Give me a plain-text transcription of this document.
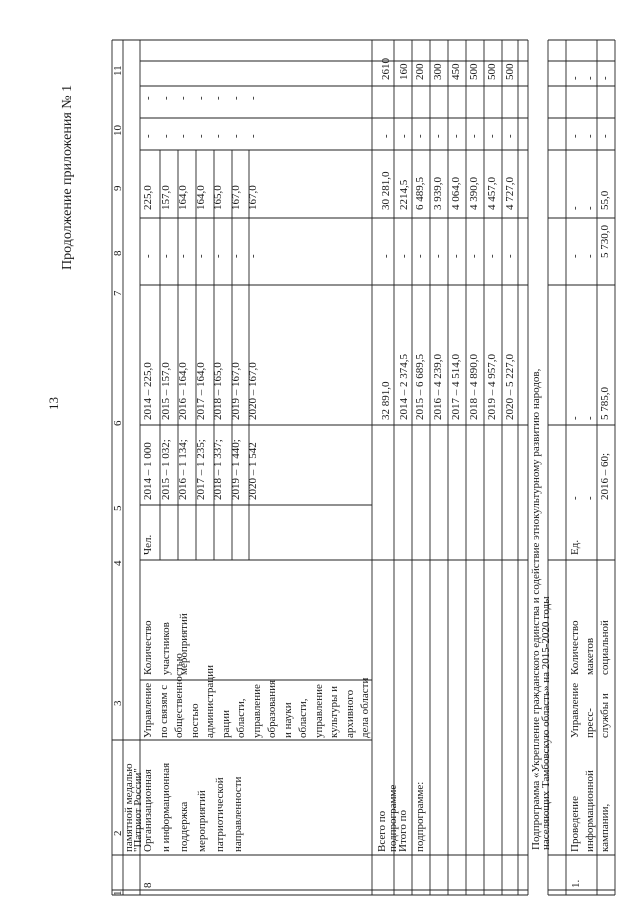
13
Продолжение приложения № 1
1
2
3
4
5
6
7
8
9
10
11
памятной медалью
"Патриот России"
8
Организационная и информационная поддержка мероприятий патриотической направленности
Управление по связям с общественностью ностью администрации рации области, управление образования и науки области, управление культуры и архивного дела области
Количество участников мероприятий
Чел.
2014 – 1 000 2015 – 1 032; 2016 – 1 134; 2017 – 1 235; 2018 – 1 337; 2019 – 1 440; 2020 – 1 542
2014 – 225,0 2015 – 157,0 2016 – 164,0 2017 – 164,0 2018 – 165,0 2019 – 167,0 2020 – 167,0
- - - - - - -
225,0 157,0 164,0 164,0 165,0 167,0 167,0
- - - - - - -
- - - - - - -
Всего по подпрограмме
32 891,0
-
30 281,0
-
2610
Итого по
2014 – 2 374,5
-
2214,5
-
160
подпрограмме:
2015 – 6 689,5 2016 – 4 239,0 2017 – 4 514,0 2018 – 4 890,0 2019 – 4 957,0 2020 – 5 227,0
- - - - - -
6 489,5 3 939,0 4 064,0 4 390,0 4 457,0 4 727,0
- - - - - -
200 300 450 500 500 500
Подпрограмма «Укрепление гражданского единства и содействие этнокультурному развитию народов,
населяющих Тамбовскую область» на 2015-2020 годы
1.
Проведение информационной кампании,
Управление пресс- службы и
Количество макетов социальной
Ед.
- - 2016 – 60;
- - 5 785,0
- - 5 730,0
- - 55,0
- - -
- - -
